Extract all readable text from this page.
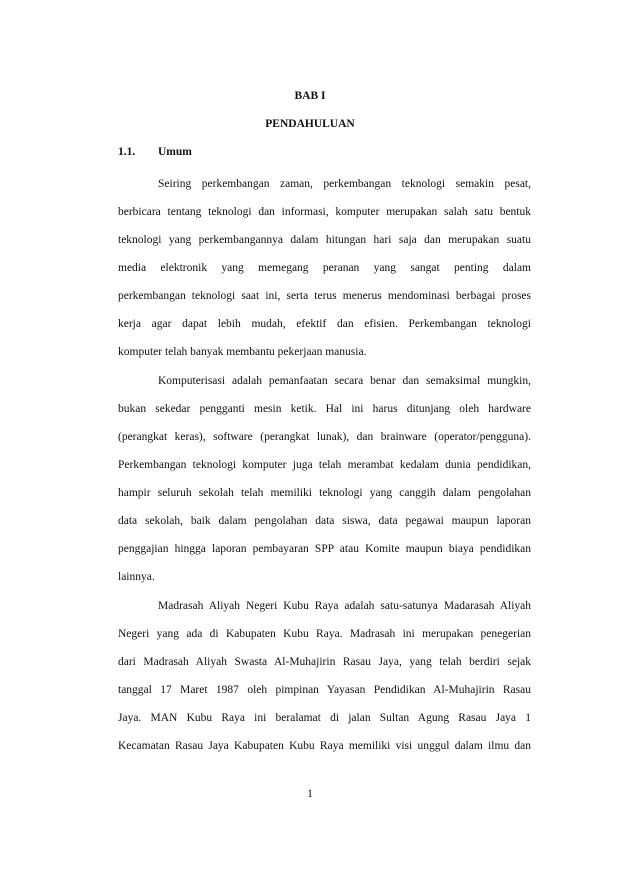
BAB I
PENDAHULUAN
1.1. Umum
Seiring perkembangan zaman, perkembangan teknologi semakin pesat,
berbicara tentang teknologi dan informasi, komputer merupakan salah satu bentuk
teknologi yang perkembangannya dalam hitungan hari saja dan merupakan suatu
media elektronik yang memegang peranan yang sangat penting dalam
perkembangan teknologi saat ini, serta terus menerus mendominasi berbagai proses
kerja agar dapat lebih mudah, efektif dan efisien. Perkembangan teknologi
komputer telah banyak membantu pekerjaan manusia.
Komputerisasi adalah pemanfaatan secara benar dan semaksimal mungkin,
bukan sekedar pengganti mesin ketik. Hal ini harus ditunjang oleh hardware
(perangkat keras), software (perangkat lunak), dan brainware (operator/pengguna).
Perkembangan teknologi komputer juga telah merambat kedalam dunia pendidikan,
hampir seluruh sekolah telah memiliki teknologi yang canggih dalam pengolahan
data sekolah, baik dalam pengolahan data siswa, data pegawai maupun laporan
penggajian hingga laporan pembayaran SPP atau Komite maupun biaya pendidikan
lainnya.
Madrasah Aliyah Negeri Kubu Raya adalah satu-satunya Madarasah Aliyah
Negeri yang ada di Kabupaten Kubu Raya. Madrasah ini merupakan penegerian
dari Madrasah Aliyah Swasta Al-Muhajirin Rasau Jaya, yang telah berdiri sejak
tanggal 17 Maret 1987 oleh pimpinan Yayasan Pendidikan Al-Muhajirin Rasau
Jaya. MAN Kubu Raya ini beralamat di jalan Sultan Agung Rasau Jaya 1
Kecamatan Rasau Jaya Kabupaten Kubu Raya memiliki visi unggul dalam ilmu dan
1
